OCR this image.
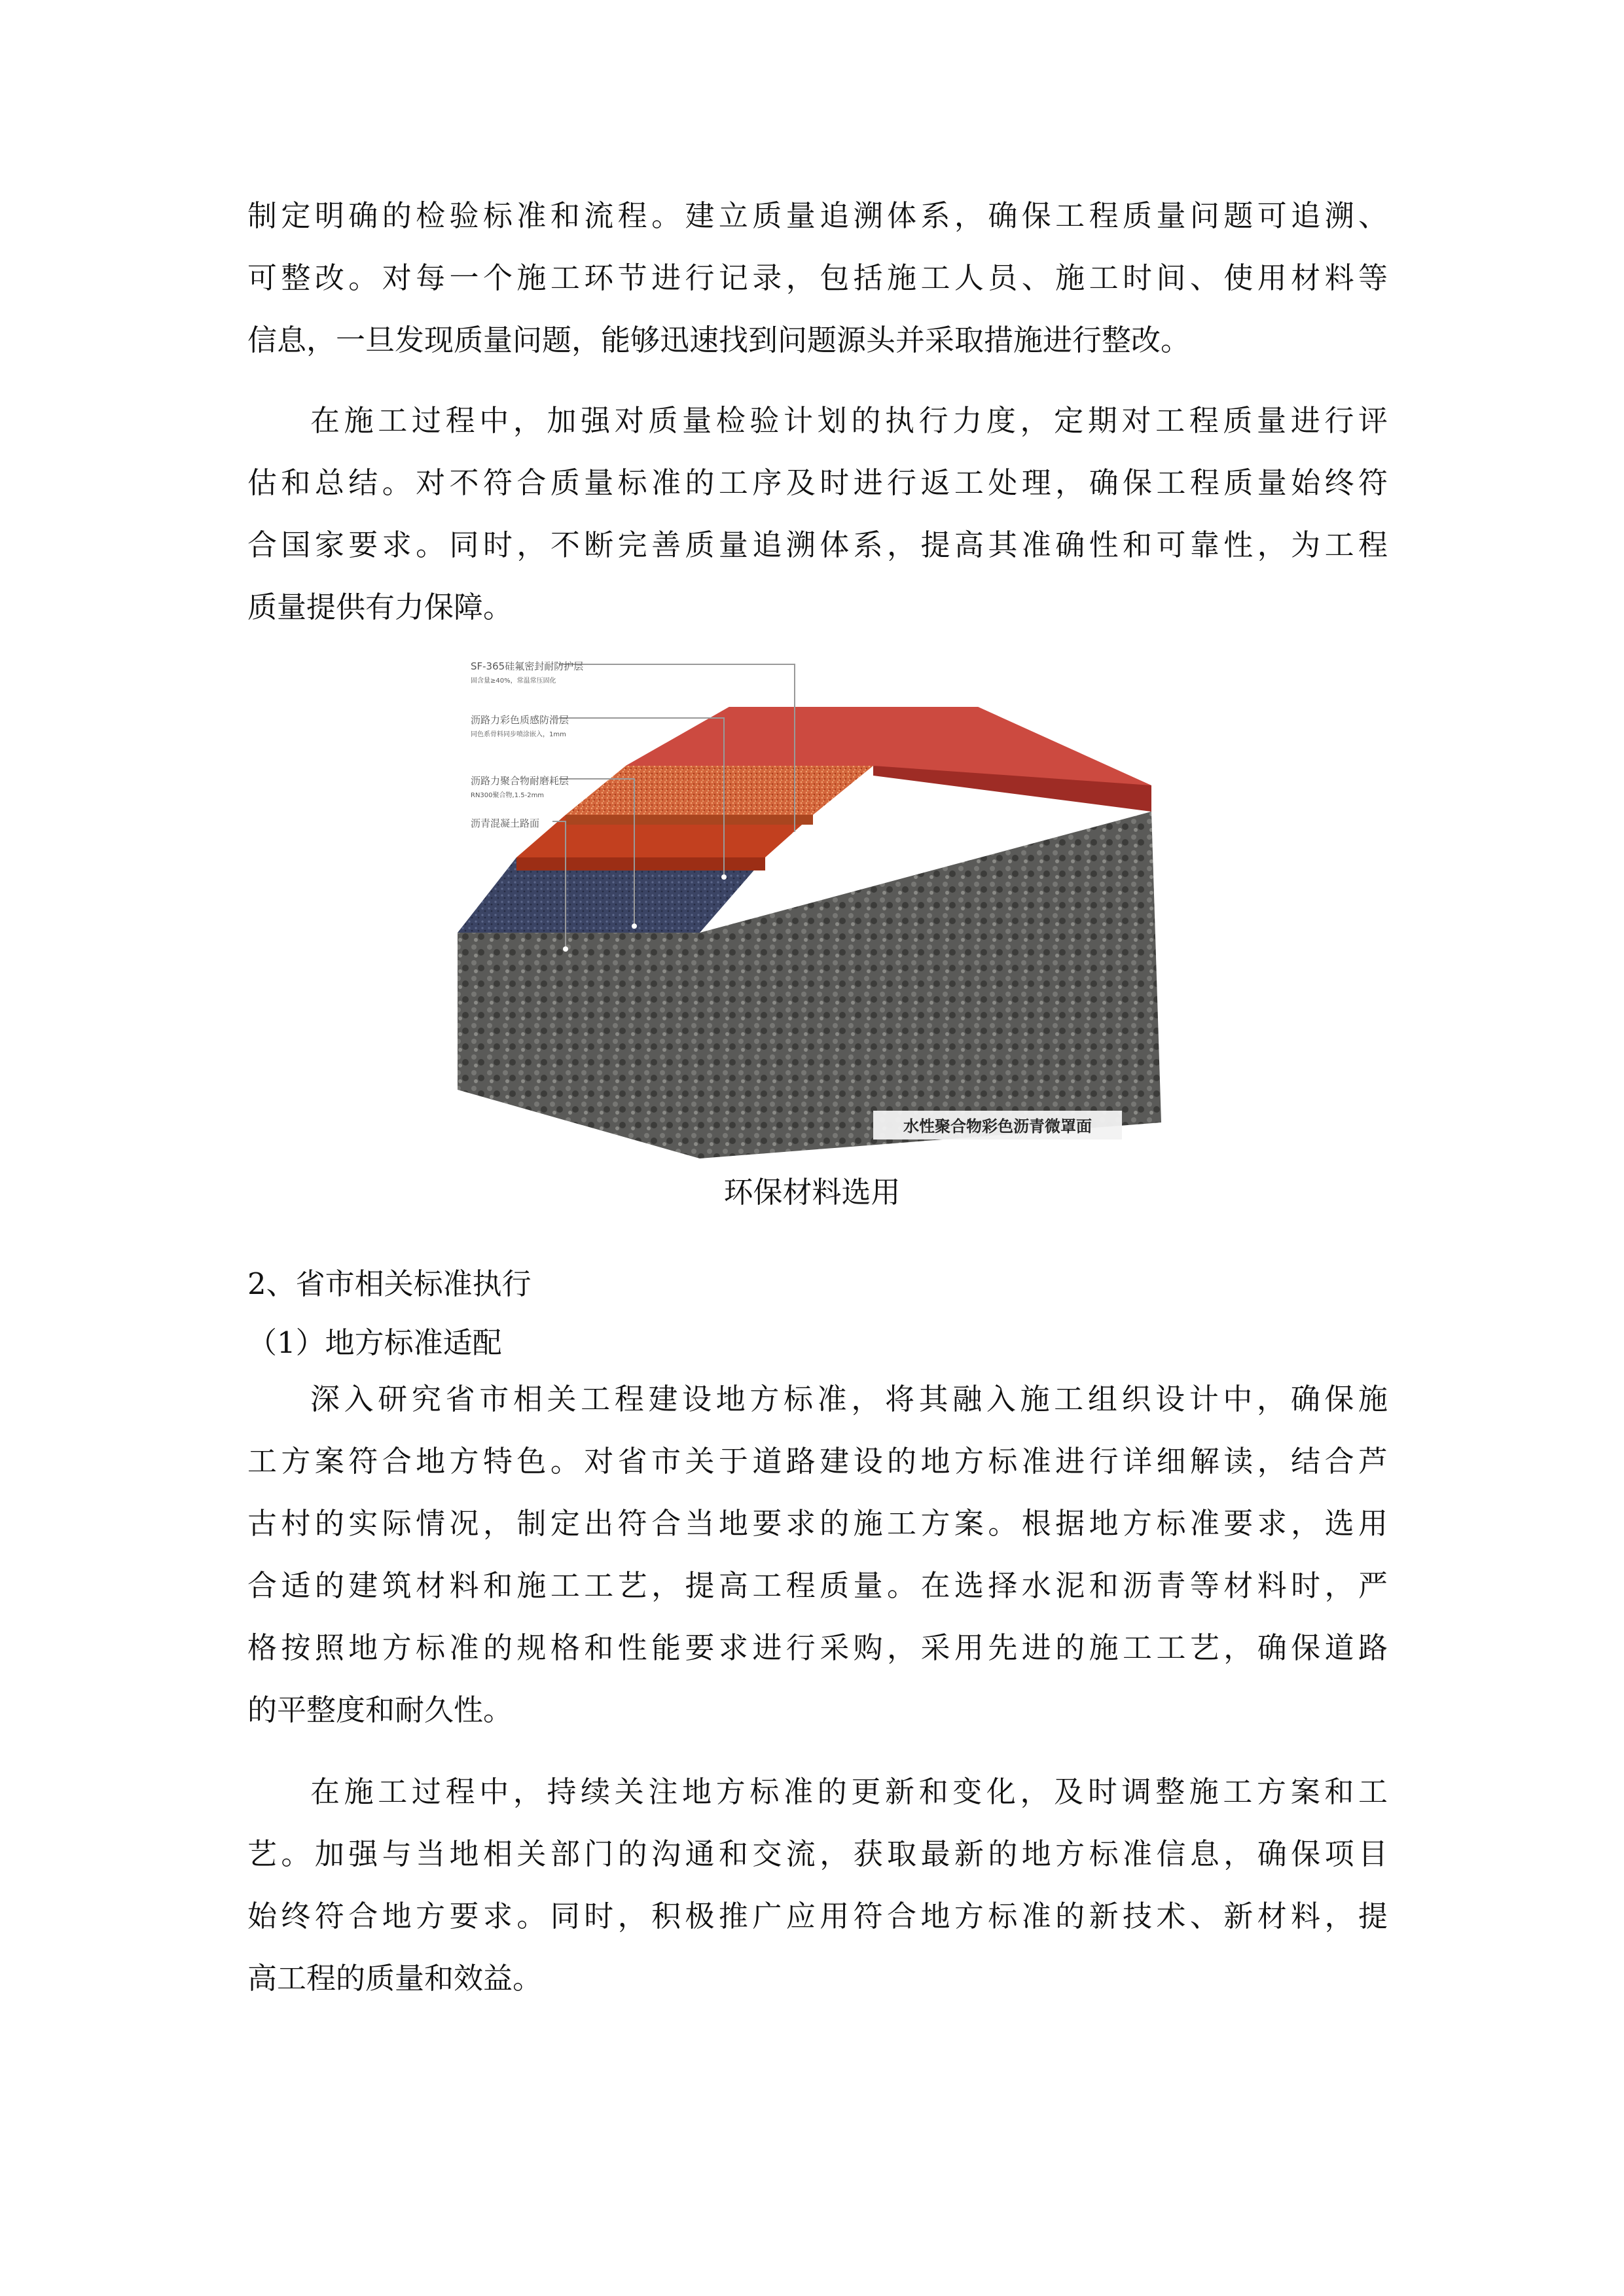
制定明确的检验标准和流程。建立质量追溯体系，确保工程质量问题可追溯、
可整改。对每一个施工环节进行记录，包括施工人员、施工时间、使用材料等
信息，一旦发现质量问题，能够迅速找到问题源头并采取措施进行整改。

在施工过程中，加强对质量检验计划的执行力度，定期对工程质量进行评
估和总结。对不符合质量标准的工序及时进行返工处理，确保工程质量始终符
合国家要求。同时，不断完善质量追溯体系，提高其准确性和可靠性，为工程
质量提供有力保障。

SF-365硅氟密封耐防护层
固含量≥40%，常温常压固化
沥路力彩色质感防滑层
同色系骨料同步喷涂嵌入，1mm
沥路力聚合物耐磨耗层
RN300聚合物,1.5-2mm
沥青混凝土路面
水性聚合物彩色沥青微罩面
环保材料选用
2、省市相关标准执行
（1）地方标准适配

深入研究省市相关工程建设地方标准，将其融入施工组织设计中，确保施
工方案符合地方特色。对省市关于道路建设的地方标准进行详细解读，结合芦
古村的实际情况，制定出符合当地要求的施工方案。根据地方标准要求，选用
合适的建筑材料和施工工艺，提高工程质量。在选择水泥和沥青等材料时，严
格按照地方标准的规格和性能要求进行采购，采用先进的施工工艺，确保道路
的平整度和耐久性。

在施工过程中，持续关注地方标准的更新和变化，及时调整施工方案和工
艺。加强与当地相关部门的沟通和交流，获取最新的地方标准信息，确保项目
始终符合地方要求。同时，积极推广应用符合地方标准的新技术、新材料，提
高工程的质量和效益。
